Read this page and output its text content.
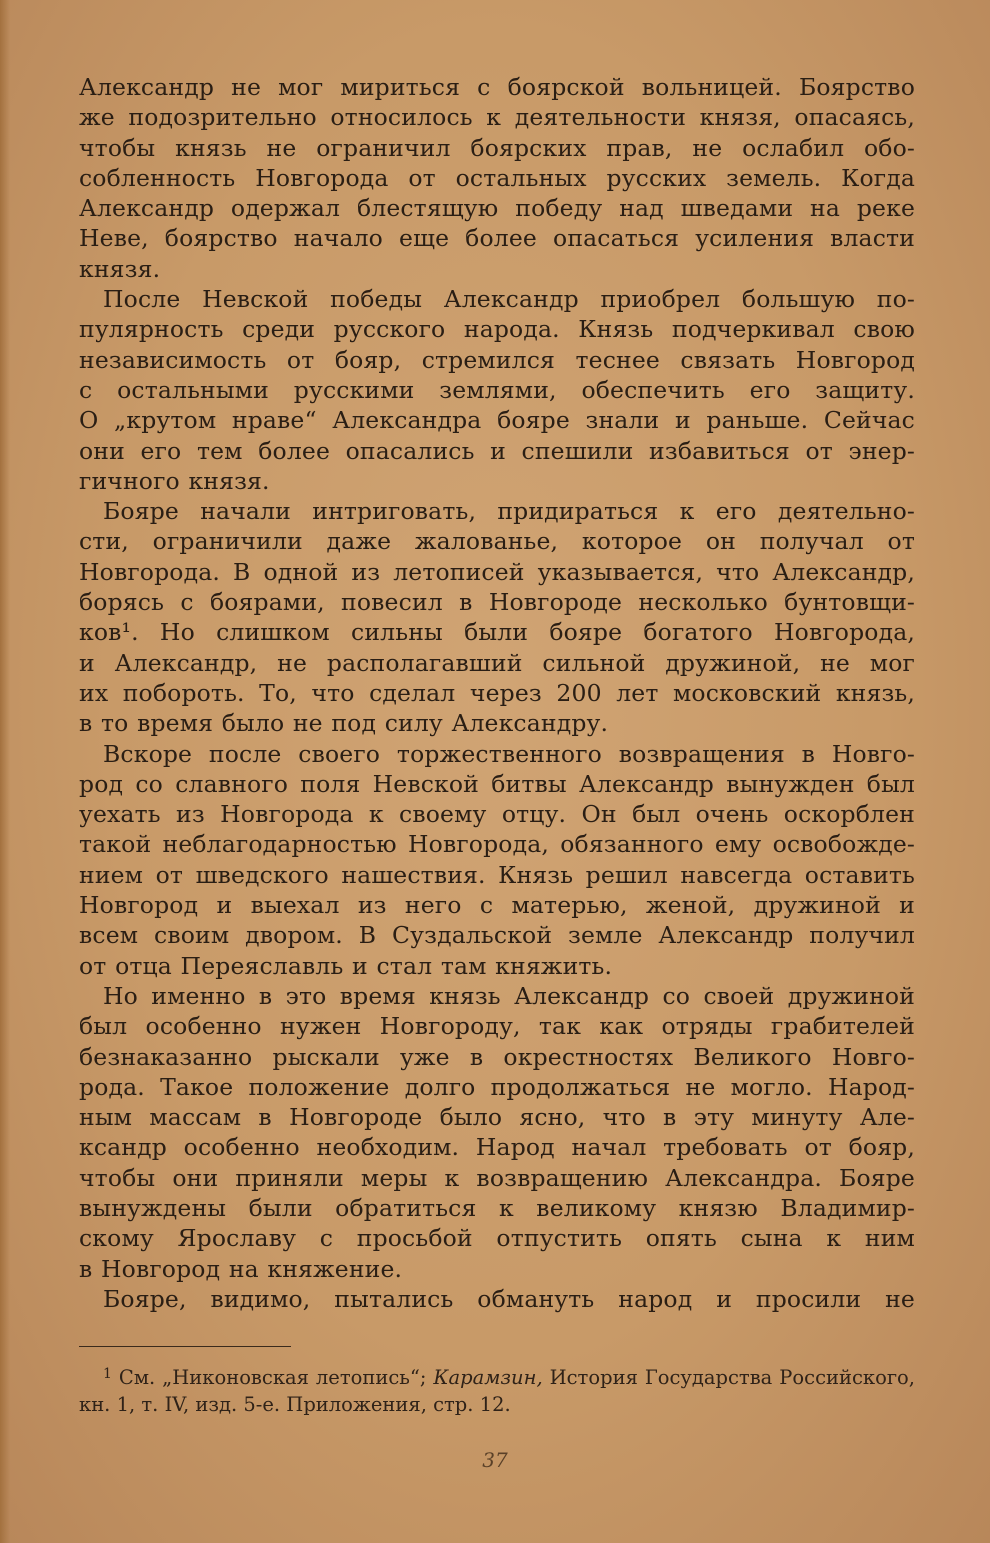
Александр не мог мириться с боярской вольницей. Боярство

же подозрительно относилось к деятельности князя, опасаясь,

чтобы князь не ограничил боярских прав, не ослабил обо-

собленность Новгорода от остальных русских земель. Когда

Александр одержал блестящую победу над шведами на реке

Неве, боярство начало еще более опасаться усиления власти

князя.

После Невской победы Александр приобрел большую по-

пулярность среди русского народа. Князь подчеркивал свою

независимость от бояр, стремился теснее связать Новгород

с остальными русскими землями, обеспечить его защиту.

О „крутом нраве“ Александра бояре знали и раньше. Сейчас

они его тем более опасались и спешили избавиться от энер-

гичного князя.

Бояре начали интриговать, придираться к его деятельно-

сти, ограничили даже жалованье, которое он получал от

Новгорода. В одной из летописей указывается, что Александр,

борясь с боярами, повесил в Новгороде несколько бунтовщи-

ков¹. Но слишком сильны были бояре богатого Новгорода,

и Александр, не располагавший сильной дружиной, не мог

их побороть. То, что сделал через 200 лет московский князь,

в то время было не под силу Александру.

Вскоре после своего торжественного возвращения в Новго-

род со славного поля Невской битвы Александр вынужден был

уехать из Новгорода к своему отцу. Он был очень оскорблен

такой неблагодарностью Новгорода, обязанного ему освобожде-

нием от шведского нашествия. Князь решил навсегда оставить

Новгород и выехал из него с матерью, женой, дружиной и

всем своим двором. В Суздальской земле Александр получил

от отца Переяславль и стал там княжить.

Но именно в это время князь Александр со своей дружиной

был особенно нужен Новгороду, так как отряды грабителей

безнаказанно рыскали уже в окрестностях Великого Новго-

рода. Такое положение долго продолжаться не могло. Народ-

ным массам в Новгороде было ясно, что в эту минуту Але-

ксандр особенно необходим. Народ начал требовать от бояр,

чтобы они приняли меры к возвращению Александра. Бояре

вынуждены были обратиться к великому князю Владимир-

скому Ярославу с просьбой отпустить опять сына к ним

в Новгород на княжение.

Бояре, видимо, пытались обмануть народ и просили не

$^1$ См. „Никоновская летопись“; Карамзин, История Государства Российского, кн. 1, т. IV, изд. 5-е. Приложения, стр. 12.

37
